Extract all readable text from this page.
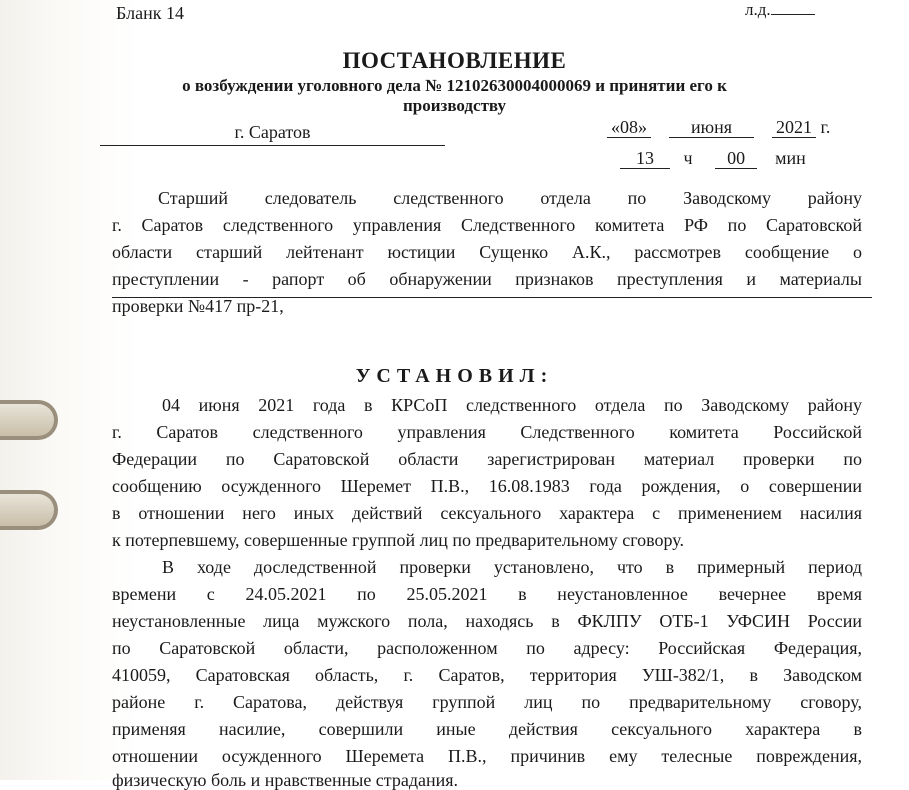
Бланк 14	л.д.
ПОСТАНОВЛЕНИЕ
о возбуждении уголовного дела № 12102630004000069 и принятии его к
производству
г. Саратов	«08» июня 2021 г.
13 ч 00 мин
Старший следователь следственного отдела по Заводскому району
г. Саратов следственного управления Следственного комитета РФ по Саратовской
области старший лейтенант юстиции Сущенко А.К., рассмотрев сообщение о
преступлении - рапорт об обнаружении признаков преступления и материалы
проверки №417 пр-21,
УСТАНОВИЛ:
04 июня 2021 года в КРСоП следственного отдела по Заводскому району
г. Саратов следственного управления Следственного комитета Российской
Федерации по Саратовской области зарегистрирован материал проверки по
сообщению осужденного Шеремет П.В., 16.08.1983 года рождения, о совершении
в отношении него иных действий сексуального характера с применением насилия
к потерпевшему, совершенные группой лиц по предварительному сговору.
В ходе доследственной проверки установлено, что в примерный период
времени с 24.05.2021 по 25.05.2021 в неустановленное вечернее время
неустановленные лица мужского пола, находясь в ФКЛПУ ОТБ-1 УФСИН России
по Саратовской области, расположенном по адресу: Российская Федерация,
410059, Саратовская область, г. Саратов, территория УШ-382/1, в Заводском
районе г. Саратова, действуя группой лиц по предварительному сговору,
применяя насилие, совершили иные действия сексуального характера в
отношении осужденного Шеремета П.В., причинив ему телесные повреждения,
физическую боль и нравственные страдания.
